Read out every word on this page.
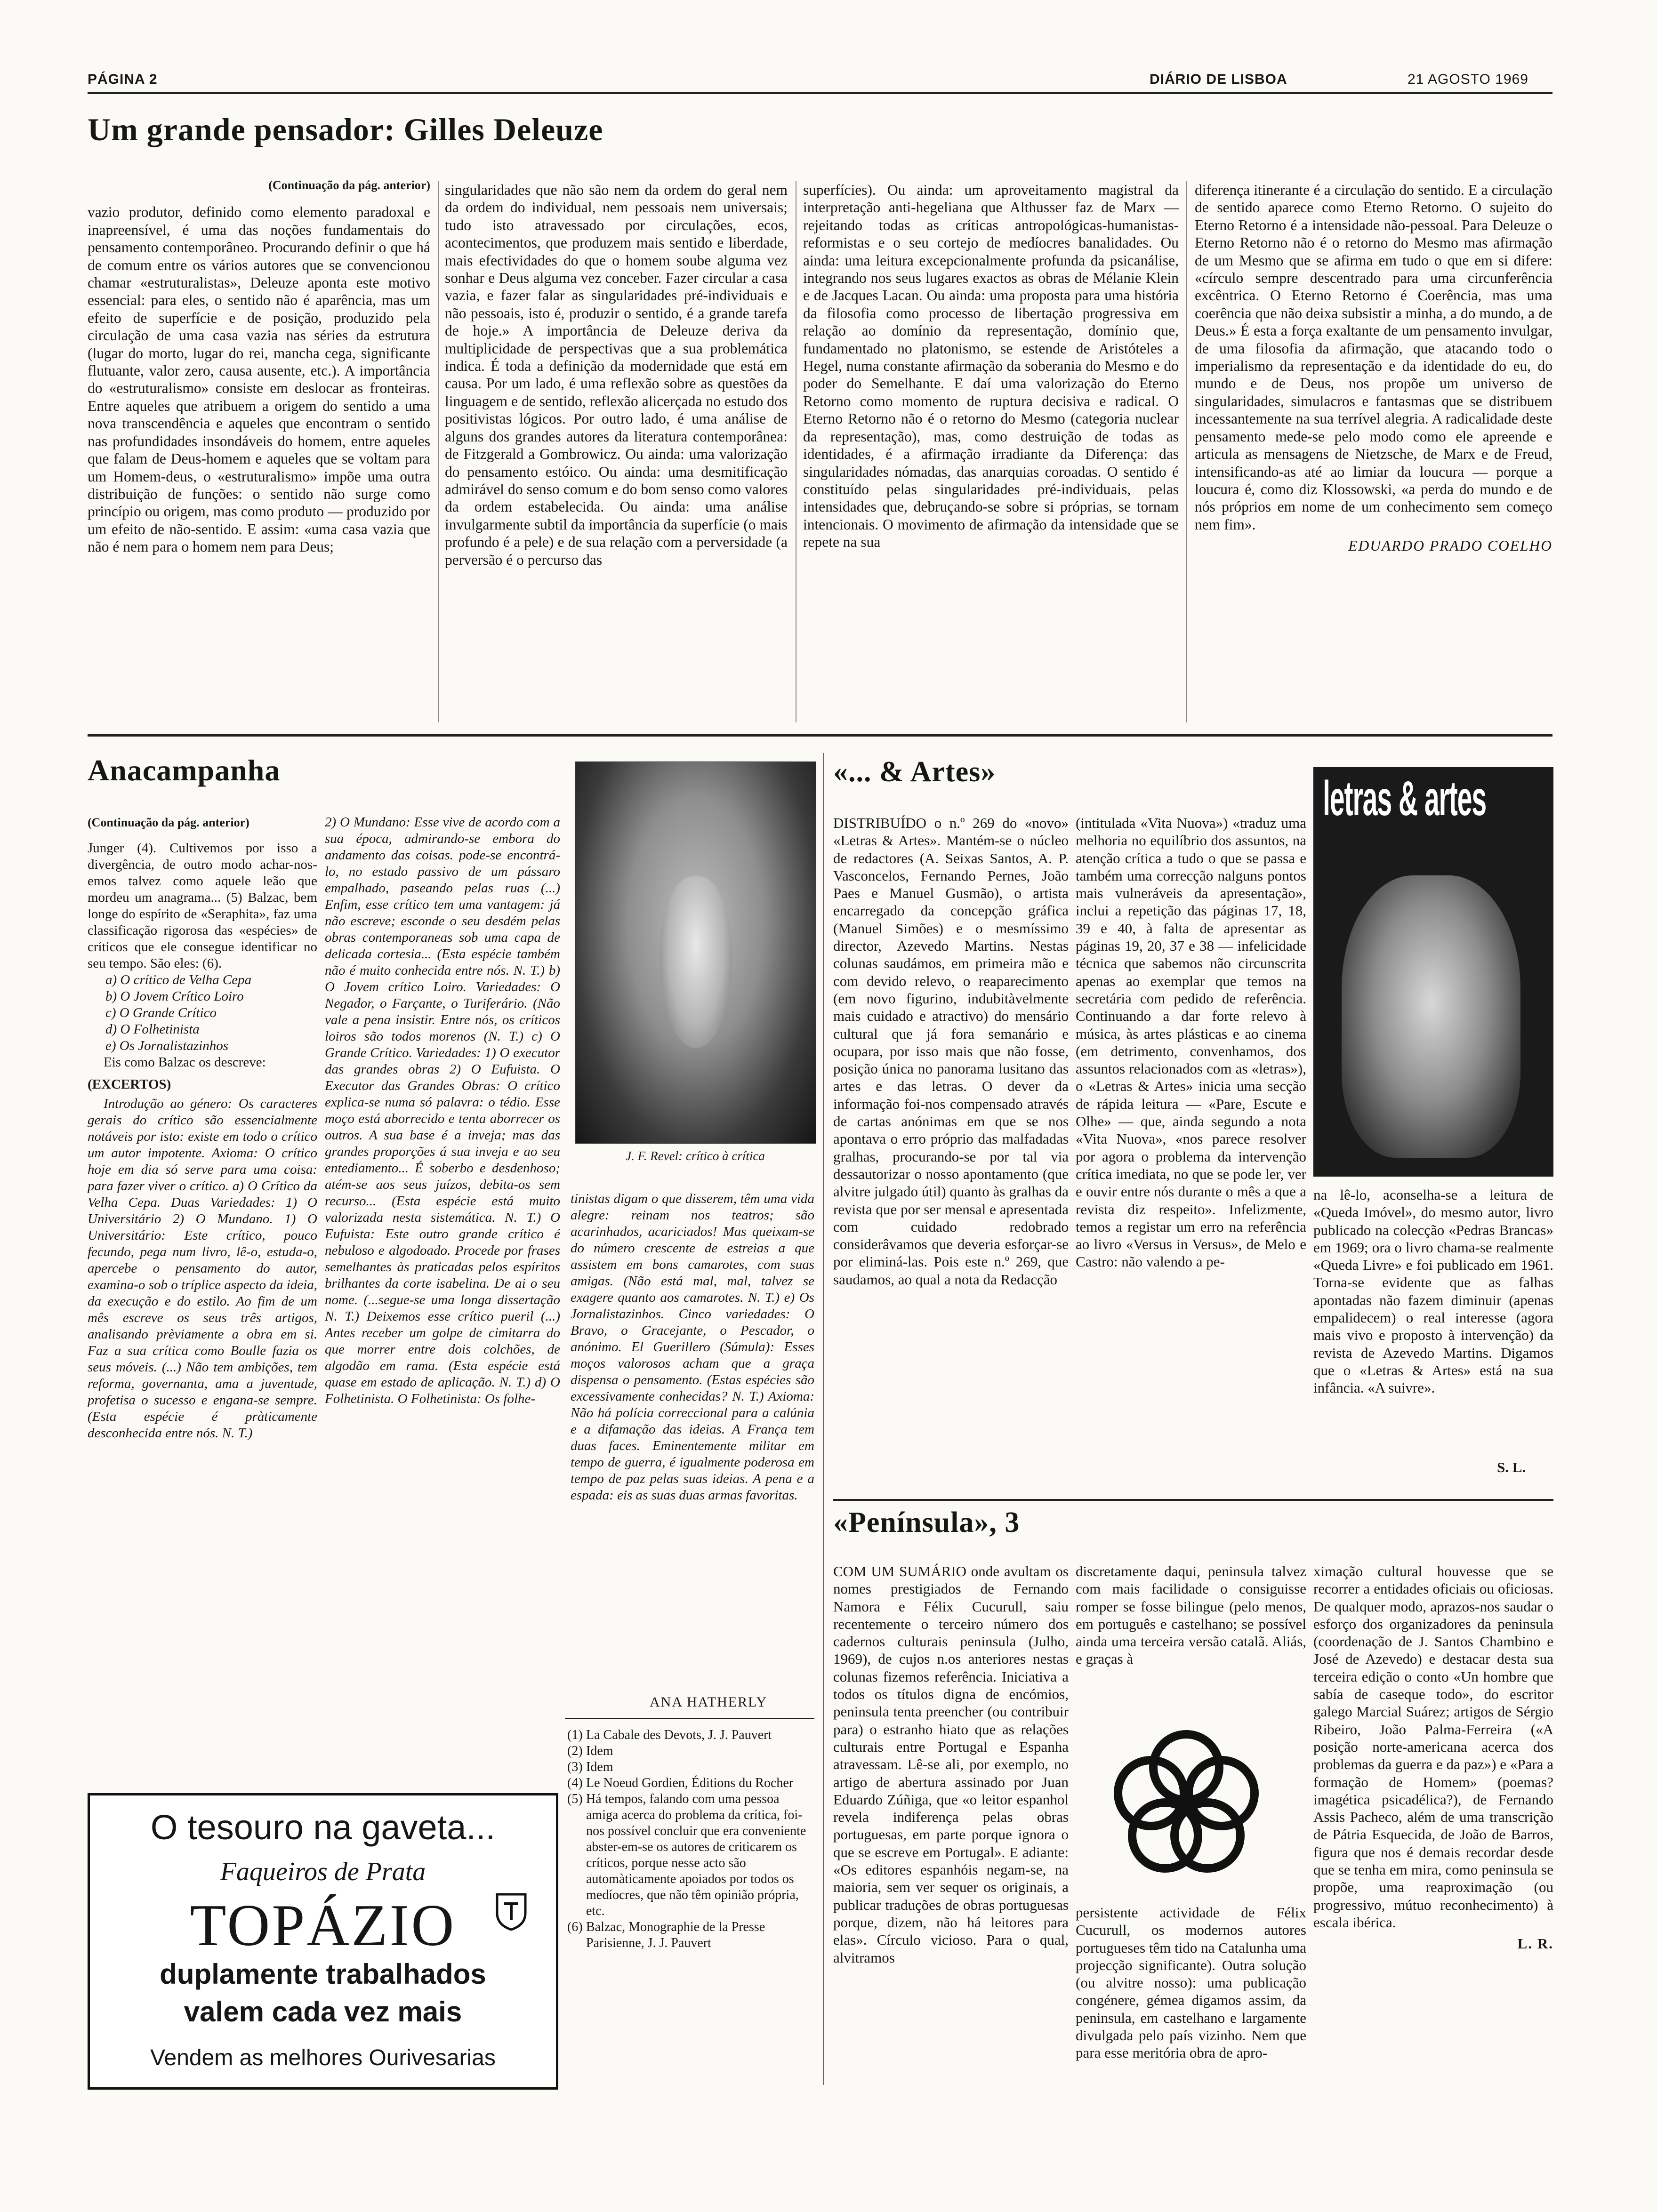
PÁGINA 2	DIÁRIO DE LISBOA	21 AGOSTO 1969
Um grande pensador: Gilles Deleuze

(Continuação da pág. anterior)

vazio produtor, definido como elemento paradoxal e inapreensível, é uma das noções fundamentais do pensamento contemporâneo. Procurando definir o que há de comum entre os vários autores que se convencionou chamar «estruturalistas», Deleuze aponta este motivo essencial: para eles, o sentido não é aparência, mas um efeito de superfície e de posição, produzido pela circulação de uma casa vazia nas séries da estrutura (lugar do morto, lugar do rei, mancha cega, significante flutuante, valor zero, causa ausente, etc.). A importância do «estruturalismo» consiste em deslocar as fronteiras. Entre aqueles que atribuem a origem do sentido a uma nova transcendência e aqueles que encontram o sentido nas profundidades insondáveis do homem, entre aqueles que falam de Deus-homem e aqueles que se voltam para um Homem-deus, o «estruturalismo» impõe uma outra distribuição de funções: o sentido não surge como princípio ou origem, mas como produto — produzido por um efeito de não-sentido. E assim: «uma casa vazia que não é nem para o homem nem para Deus;

singularidades que não são nem da ordem do geral nem da ordem do individual, nem pessoais nem universais; tudo isto atravessado por circulações, ecos, acontecimentos, que produzem mais sentido e liberdade, mais efectividades do que o homem soube alguma vez sonhar e Deus alguma vez conceber. Fazer circular a casa vazia, e fazer falar as singularidades pré-individuais e não pessoais, isto é, produzir o sentido, é a grande tarefa de hoje.» A importância de Deleuze deriva da multiplicidade de perspectivas que a sua problemática indica. É toda a definição da modernidade que está em causa. Por um lado, é uma reflexão sobre as questões da linguagem e de sentido, reflexão alicerçada no estudo dos positivistas lógicos. Por outro lado, é uma análise de alguns dos grandes autores da literatura contemporânea: de Fitzgerald a Gombrowicz. Ou ainda: uma valorização do pensamento estóico. Ou ainda: uma desmitificação admirável do senso comum e do bom senso como valores da ordem estabelecida. Ou ainda: uma análise invulgarmente subtil da importância da superfície (o mais profundo é a pele) e de sua relação com a perversidade (a perversão é o percurso das

superfícies). Ou ainda: um aproveitamento magistral da interpretação anti-hegeliana que Althusser faz de Marx — rejeitando todas as críticas antropológicas-humanistas-reformistas e o seu cortejo de medíocres banalidades. Ou ainda: uma leitura excepcionalmente profunda da psicanálise, integrando nos seus lugares exactos as obras de Mélanie Klein e de Jacques Lacan. Ou ainda: uma proposta para uma história da filosofia como processo de libertação progressiva em relação ao domínio da representação, domínio que, fundamentado no platonismo, se estende de Aristóteles a Hegel, numa constante afirmação da soberania do Mesmo e do poder do Semelhante. E daí uma valorização do Eterno Retorno como momento de ruptura decisiva e radical. O Eterno Retorno não é o retorno do Mesmo (categoria nuclear da representação), mas, como destruição de todas as identidades, é a afirmação irradiante da Diferença: das singularidades nómadas, das anarquias coroadas. O sentido é constituído pelas singularidades pré-individuais, pelas intensidades que, debruçando-se sobre si próprias, se tornam intencionais. O movimento de afirmação da intensidade que se repete na sua

diferença itinerante é a circulação do sentido. E a circulação de sentido aparece como Eterno Retorno. O sujeito do Eterno Retorno é a intensidade não-pessoal. Para Deleuze o Eterno Retorno não é o retorno do Mesmo mas afirmação de um Mesmo que se afirma em tudo o que em si difere: «círculo sempre descentrado para uma circunferência excêntrica. O Eterno Retorno é Coerência, mas uma coerência que não deixa subsistir a minha, a do mundo, a de Deus.» É esta a força exaltante de um pensamento invulgar, de uma filosofia da afirmação, que atacando todo o imperialismo da representação e da identidade do eu, do mundo e de Deus, nos propõe um universo de singularidades, simulacros e fantasmas que se distribuem incessantemente na sua terrível alegria. A radicalidade deste pensamento mede-se pelo modo como ele apreende e articula as mensagens de Nietzsche, de Marx e de Freud, intensificando-as até ao limiar da loucura — porque a loucura é, como diz Klossowski, «a perda do mundo e de nós próprios em nome de um conhecimento sem começo nem fim».

EDUARDO PRADO COELHO

Anacampanha

(Continuação da pág. anterior)

Junger (4). Cultivemos por isso a divergência, de outro modo achar-nos-emos talvez como aquele leão que mordeu um anagrama... (5) Balzac, bem longe do espírito de «Seraphita», faz uma classificação rigorosa das «espécies» de críticos que ele consegue identificar no seu tempo. São eles: (6).

a) O crítico de Velha Cepa
b) O Jovem Crítico Loiro
c) O Grande Crítico
d) O Folhetinista
e) Os Jornalistazinhos

Eis como Balzac os descreve:

(EXCERTOS)

Introdução ao género: Os caracteres gerais do crítico são essencialmente notáveis por isto: existe em todo o crítico um autor impotente. Axioma: O crítico hoje em dia só serve para uma coisa: para fazer viver o crítico. a) O Crítico da Velha Cepa. Duas Variedades: 1) O Universitário 2) O Mundano. 1) O Universitário: Este crítico, pouco fecundo, pega num livro, lê-o, estuda-o, apercebe o pensamento do autor, examina-o sob o tríplice aspecto da ideia, da execução e do estilo. Ao fim de um mês escreve os seus três artigos, analisando prèviamente a obra em si. Faz a sua crítica como Boulle fazia os seus móveis. (...) Não tem ambições, tem reforma, governanta, ama a juventude, profetisa o sucesso e engana-se sempre. (Esta espécie é pràticamente desconhecida entre nós. N. T.)

2) O Mundano: Esse vive de acordo com a sua época, admirando-se embora do andamento das coisas. pode-se encontrá-lo, no estado passivo de um pássaro empalhado, paseando pelas ruas (...) Enfim, esse crítico tem uma vantagem: já não escreve; esconde o seu desdém pelas obras contemporaneas sob uma capa de delicada cortesia... (Esta espécie também não é muito conhecida entre nós. N. T.) b) O Jovem crítico Loiro. Variedades: O Negador, o Farçante, o Turiferário. (Não vale a pena insistir. Entre nós, os críticos loiros são todos morenos (N. T.) c) O Grande Crítico. Variedades: 1) O executor das grandes obras 2) O Eufuista. O Executor das Grandes Obras: O crítico explica-se numa só palavra: o tédio. Esse moço está aborrecido e tenta aborrecer os outros. A sua base é a inveja; mas das grandes proporções á sua inveja e ao seu entediamento... É soberbo e desdenhoso; atém-se aos seus juízos, debita-os sem recurso... (Esta espécie está muito valorizada nesta sistemática. N. T.) O Eufuista: Este outro grande crítico é nebuloso e algodoado. Procede por frases semelhantes às praticadas pelos espíritos brilhantes da corte isabelina. De ai o seu nome. (...segue-se uma longa dissertação N. T.) Deixemos esse crítico pueril (...) Antes receber um golpe de cimitarra do que morrer entre dois colchões, de algodão em rama. (Esta espécie está quase em estado de aplicação. N. T.) d) O Folhetinista. O Folhetinista: Os folhe-

J. F. Revel: crítico à crítica

tinistas digam o que disserem, têm uma vida alegre: reinam nos teatros; são acarinhados, acariciados! Mas queixam-se do número crescente de estreias a que assistem em bons camarotes, com suas amigas. (Não está mal, mal, talvez se exagere quanto aos camarotes. N. T.) e) Os Jornalistazinhos. Cinco variedades: O Bravo, o Gracejante, o Pescador, o anónimo. El Guerillero (Súmula): Esses moços valorosos acham que a graça dispensa o pensamento. (Estas espécies são excessivamente conhecidas? N. T.) Axioma: Não há polícia correccional para a calúnia e a difamação das ideias. A França tem duas faces. Eminentemente militar em tempo de guerra, é igualmente poderosa em tempo de paz pelas suas ideias. A pena e a espada: eis as suas duas armas favoritas.

ANA HATHERLY
(1) La Cabale des Devots, J. J. Pauvert
(2) Idem
(3) Idem
(4) Le Noeud Gordien, Éditions du Rocher
(5) Há tempos, falando com uma pessoa amiga acerca do problema da crítica, foi-nos possível concluir que era conveniente abster-em-se os autores de criticarem os críticos, porque nesse acto são automàticamente apoiados por todos os medíocres, que não têm opinião própria, etc.
(6) Balzac, Monographie de la Presse Parisienne, J. J. Pauvert
O tesouro na gaveta...
Faqueiros de Prata
TOPÁZIO
duplamente trabalhados
valem cada vez mais
Vendem as melhores Ourivesarias
«... & Artes»	letras & artes

DISTRIBUÍDO o n.º 269 do «novo» «Letras & Artes». Mantém-se o núcleo de redactores (A. Seixas Santos, A. P. Vasconcelos, Fernando Pernes, João Paes e Manuel Gusmão), o artista encarregado da concepção gráfica (Manuel Simões) e o mesmíssimo director, Azevedo Martins. Nestas colunas saudámos, em primeira mão e com devido relevo, o reaparecimento (em novo figurino, indubitàvelmente mais cuidado e atractivo) do mensário cultural que já fora semanário e ocupara, por isso mais que não fosse, posição única no panorama lusitano das artes e das letras. O dever da informação foi-nos compensado através de cartas anónimas em que se nos apontava o erro próprio das malfadadas gralhas, procurando-se por tal via dessautorizar o nosso apontamento (que alvitre julgado útil) quanto às gralhas da revista que por ser mensal e apresentada com cuidado redobrado considerâvamos que deveria esforçar-se por eliminá-las. Pois este n.º 269, que saudamos, ao qual a nota da Redacção

(intitulada «Vita Nuova») «traduz uma melhoria no equilíbrio dos assuntos, na atenção crítica a tudo o que se passa e também uma correcção nalguns pontos mais vulneráveis da apresentação», inclui a repetição das páginas 17, 18, 39 e 40, à falta de apresentar as páginas 19, 20, 37 e 38 — infelicidade técnica que sabemos não circunscrita apenas ao exemplar que temos na secretária com pedido de referência. Continuando a dar forte relevo à música, às artes plásticas e ao cinema (em detrimento, convenhamos, dos assuntos relacionados com as «letras»), o «Letras & Artes» inicia uma secção de rápida leitura — «Pare, Escute e Olhe» — que, ainda segundo a nota «Vita Nuova», «nos parece resolver por agora o problema da intervenção crítica imediata, no que se pode ler, ver e ouvir entre nós durante o mês a que a revista diz respeito». Infelizmente, temos a registar um erro na referência ao livro «Versus in Versus», de Melo e Castro: não valendo a pe-

na lê-lo, aconselha-se a leitura de «Queda Imóvel», do mesmo autor, livro publicado na colecção «Pedras Brancas» em 1969; ora o livro chama-se realmente «Queda Livre» e foi publicado em 1961. Torna-se evidente que as falhas apontadas não fazem diminuir (apenas empalidecem) o real interesse (agora mais vivo e proposto à intervenção) da revista de Azevedo Martins. Digamos que o «Letras & Artes» está na sua infância. «A suivre».

S. L.
«Península», 3

COM UM SUMÁRIO onde avultam os nomes prestigiados de Fernando Namora e Félix Cucurull, saiu recentemente o terceiro número dos cadernos culturais peninsula (Julho, 1969), de cujos n.os anteriores nestas colunas fizemos referência. Iniciativa a todos os títulos digna de encómios, peninsula tenta preencher (ou contribuir para) o estranho hiato que as relações culturais entre Portugal e Espanha atravessam. Lê-se ali, por exemplo, no artigo de abertura assinado por Juan Eduardo Zúñiga, que «o leitor espanhol revela indiferença pelas obras portuguesas, em parte porque ignora o que se escreve em Portugal». E adiante: «Os editores espanhóis negam-se, na maioria, sem ver sequer os originais, a publicar traduções de obras portuguesas porque, dizem, não há leitores para elas». Círculo vicioso. Para o qual, alvitramos

discretamente daqui, peninsula talvez com mais facilidade o consiguisse romper se fosse bilingue (pelo menos, em português e castelhano; se possível ainda uma terceira versão catalã. Aliás, e graças à

persistente actividade de Félix Cucurull, os modernos autores portugueses têm tido na Catalunha uma projecção significante). Outra solução (ou alvitre nosso): uma publicação congénere, gémea digamos assim, da peninsula, em castelhano e largamente divulgada pelo país vizinho. Nem que para esse meritória obra de apro-

ximação cultural houvesse que se recorrer a entidades oficiais ou oficiosas. De qualquer modo, aprazos-nos saudar o esforço dos organizadores da peninsula (coordenação de J. Santos Chambino e José de Azevedo) e destacar desta sua terceira edição o conto «Un hombre que sabía de caseque todo», do escritor galego Marcial Suárez; artigos de Sérgio Ribeiro, João Palma-Ferreira («A posição norte-americana acerca dos problemas da guerra e da paz») e «Para a formação de Homem» (poemas? imagética psicadélica?), de Fernando Assis Pacheco, além de uma transcrição de Pátria Esquecida, de João de Barros, figura que nos é demais recordar desde que se tenha em mira, como peninsula se propõe, uma reaproximação (ou progressivo, mútuo reconhecimento) à escala ibérica.

L. R.
